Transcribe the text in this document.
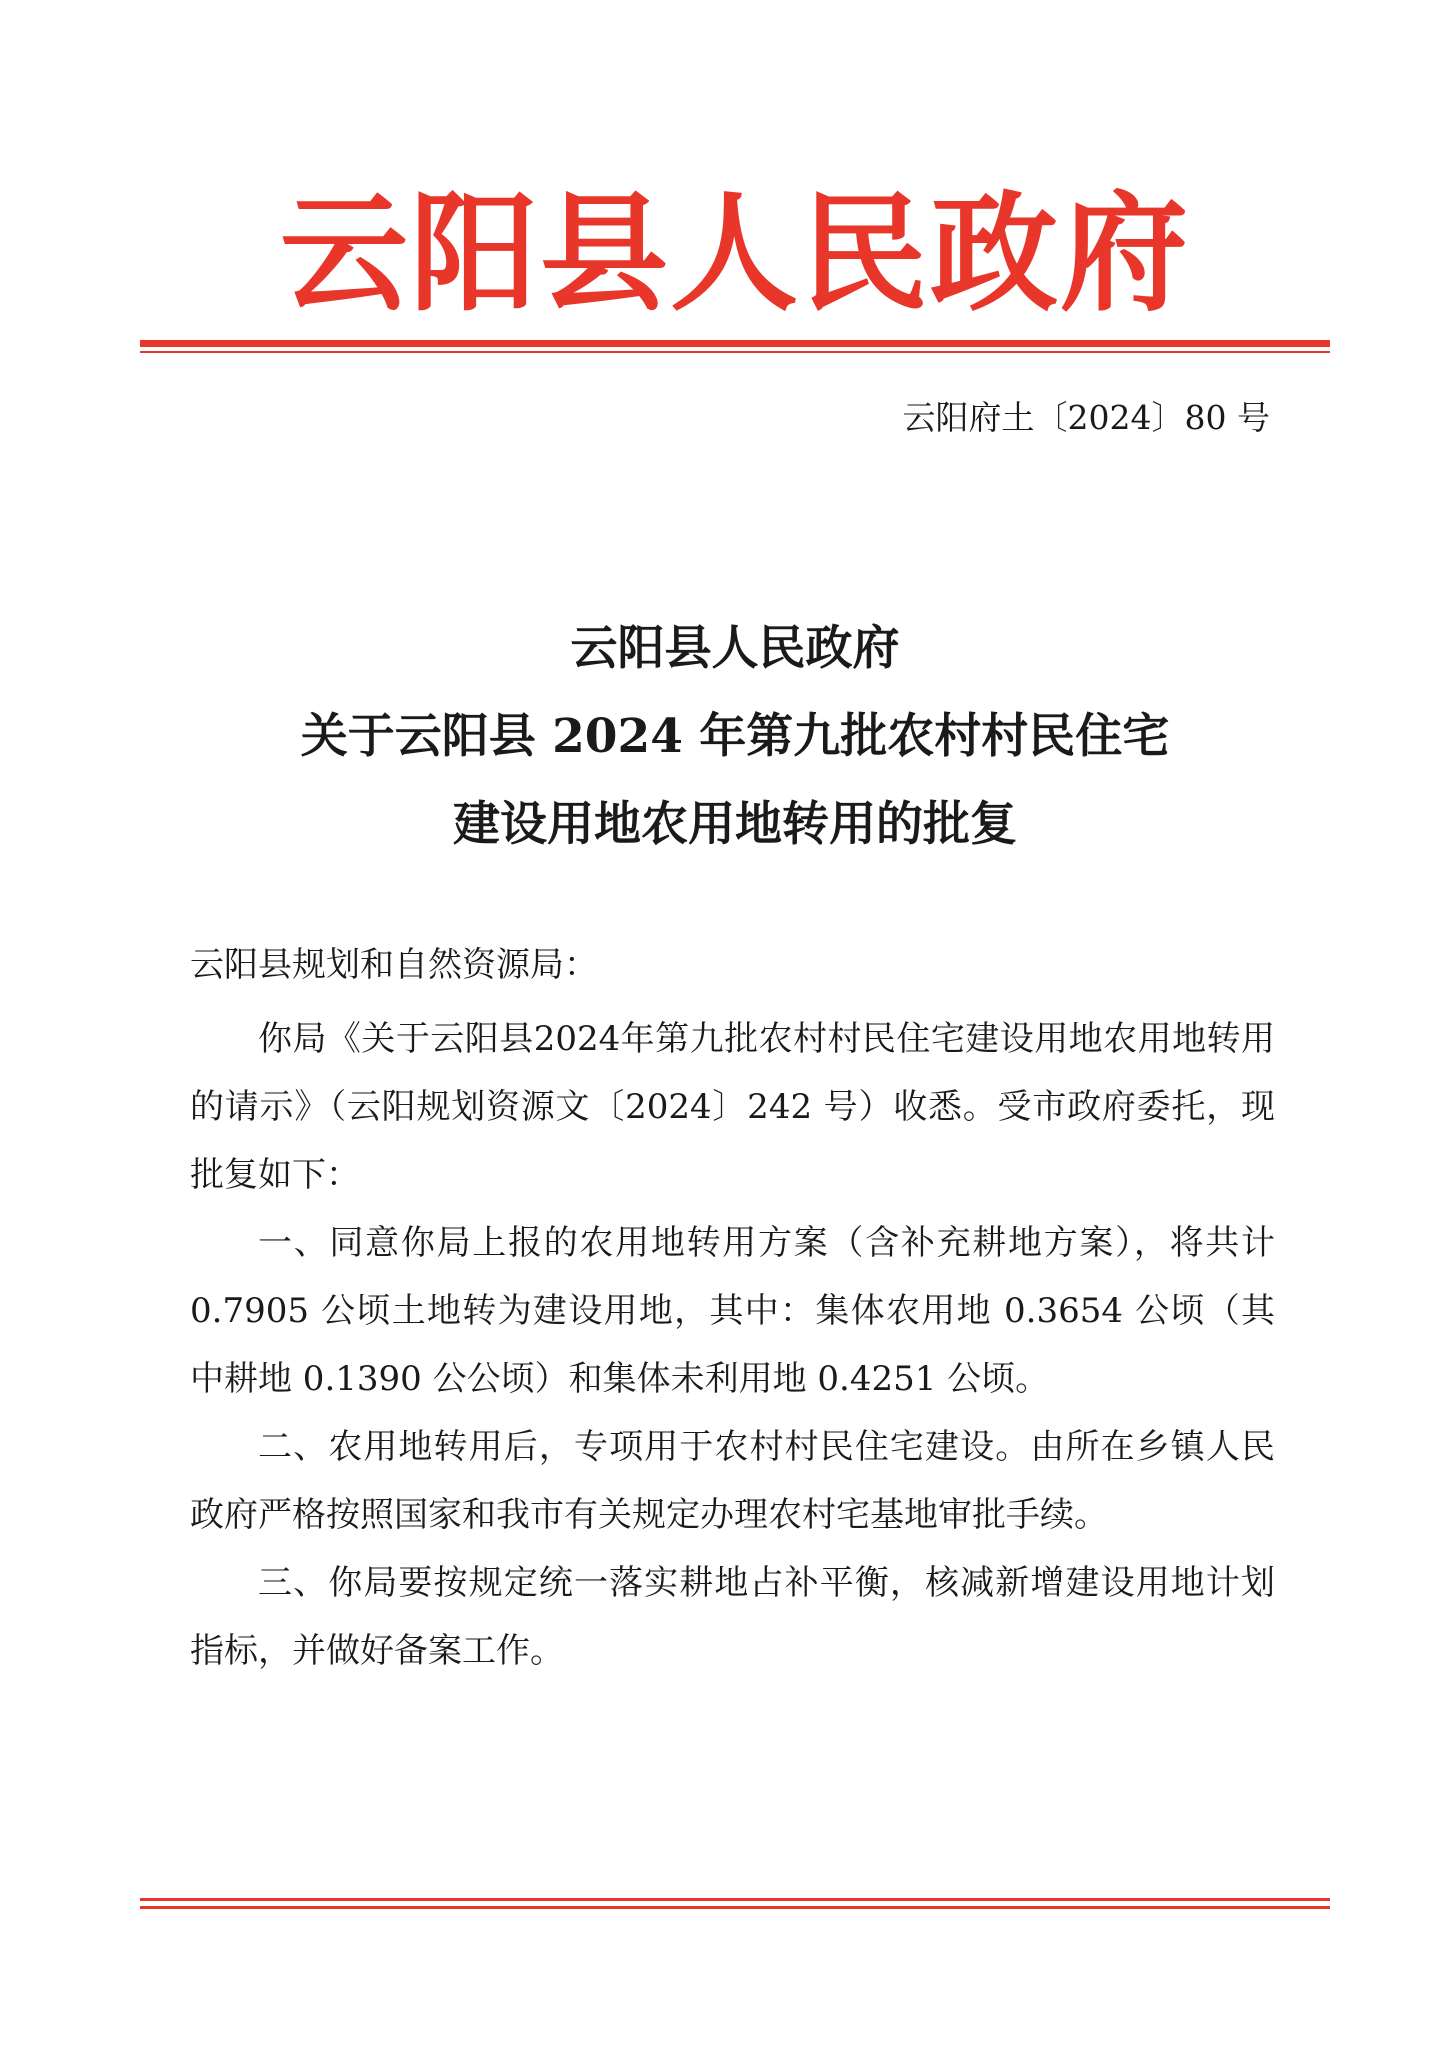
云阳县人民政府
云阳府土〔2024〕80 号
云阳县人民政府
关于云阳县 2024 年第九批农村村民住宅
建设用地农用地转用的批复
云阳县规划和自然资源局：

你局《关于云阳县2024年第九批农村村民住宅建设用地农用地转用的请示》（云阳规划资源文〔2024〕242 号）收悉。受市政府委托，现批复如下：

一、同意你局上报的农用地转用方案（含补充耕地方案），将共计 0.7905 公顷土地转为建设用地，其中：集体农用地 0.3654 公顷（其中耕地 0.1390 公公顷）和集体未利用地 0.4251 公顷。

二、农用地转用后，专项用于农村村民住宅建设。由所在乡镇人民政府严格按照国家和我市有关规定办理农村宅基地审批手续。

三、你局要按规定统一落实耕地占补平衡，核减新增建设用地计划指标，并做好备案工作。
